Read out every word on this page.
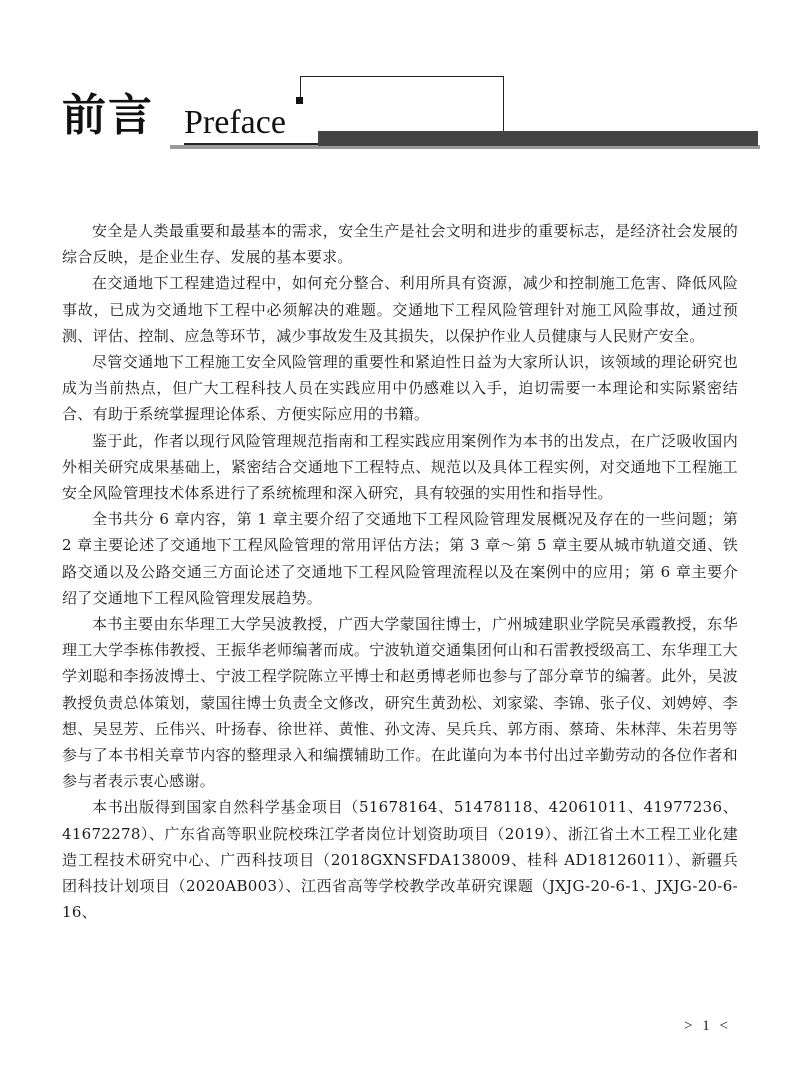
前言 Preface

安全是人类最重要和最基本的需求，安全生产是社会文明和进步的重要标志，是经济社会发展的综合反映，是企业生存、发展的基本要求。

在交通地下工程建造过程中，如何充分整合、利用所具有资源，减少和控制施工危害、降低风险事故，已成为交通地下工程中必须解决的难题。交通地下工程风险管理针对施工风险事故，通过预测、评估、控制、应急等环节，减少事故发生及其损失，以保护作业人员健康与人民财产安全。

尽管交通地下工程施工安全风险管理的重要性和紧迫性日益为大家所认识，该领域的理论研究也成为当前热点，但广大工程科技人员在实践应用中仍感难以入手，迫切需要一本理论和实际紧密结合、有助于系统掌握理论体系、方便实际应用的书籍。

鉴于此，作者以现行风险管理规范指南和工程实践应用案例作为本书的出发点，在广泛吸收国内外相关研究成果基础上，紧密结合交通地下工程特点、规范以及具体工程实例，对交通地下工程施工安全风险管理技术体系进行了系统梳理和深入研究，具有较强的实用性和指导性。

全书共分 6 章内容，第 1 章主要介绍了交通地下工程风险管理发展概况及存在的一些问题；第 2 章主要论述了交通地下工程风险管理的常用评估方法；第 3 章～第 5 章主要从城市轨道交通、铁路交通以及公路交通三方面论述了交通地下工程风险管理流程以及在案例中的应用；第 6 章主要介绍了交通地下工程风险管理发展趋势。

本书主要由东华理工大学吴波教授，广西大学蒙国往博士，广州城建职业学院吴承霞教授，东华理工大学李栋伟教授、王振华老师编著而成。宁波轨道交通集团何山和石雷教授级高工、东华理工大学刘聪和李扬波博士、宁波工程学院陈立平博士和赵勇博老师也参与了部分章节的编著。此外，吴波教授负责总体策划，蒙国往博士负责全文修改，研究生黄劲松、刘家粱、李锦、张子仪、刘娉婷、李想、吴昱芳、丘伟兴、叶扬春、徐世祥、黄惟、孙文涛、吴兵兵、郭方雨、蔡琦、朱林萍、朱若男等参与了本书相关章节内容的整理录入和编撰辅助工作。在此谨向为本书付出过辛勤劳动的各位作者和参与者表示衷心感谢。

本书出版得到国家自然科学基金项目（51678164、51478118、42061011、41977236、41672278）、广东省高等职业院校珠江学者岗位计划资助项目（2019）、浙江省土木工程工业化建造工程技术研究中心、广西科技项目（2018GXNSFDA138009、桂科 AD18126011）、新疆兵团科技计划项目（2020AB003）、江西省高等学校教学改革研究课题（JXJG-20-6-1、JXJG-20-6-16、

> 1 <
